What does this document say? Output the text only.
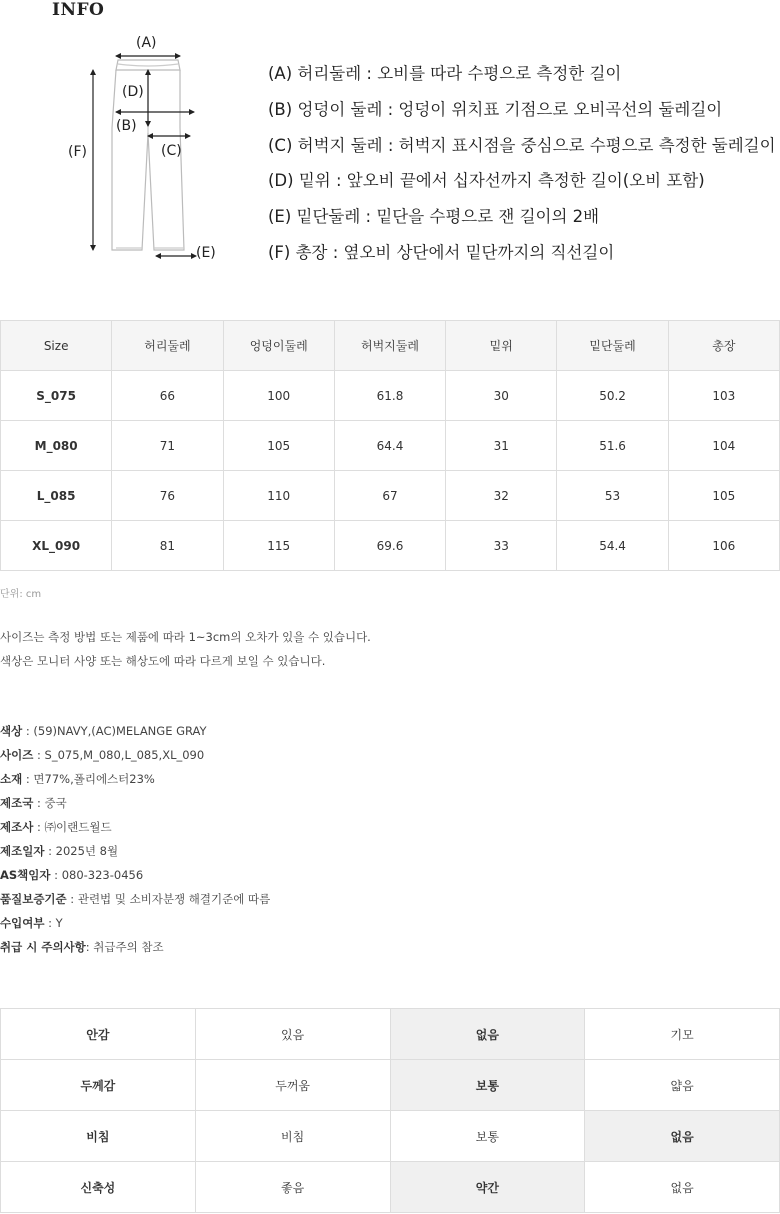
INFO
(F)
(A)
(D)
(B)
(C)
(E)
(A) 허리둘레 : 오비를 따라 수평으로 측정한 길이
(B) 엉덩이 둘레 : 엉덩이 위치표 기점으로 오비곡선의 둘레길이
(C) 허벅지 둘레 : 허벅지 표시점을 중심으로 수평으로 측정한 둘레길이
(D) 밑위 : 앞오비 끝에서 십자선까지 측정한 길이(오비 포함)
(E) 밑단둘레 : 밑단을 수평으로 잰 길이의 2배
(F) 총장 : 옆오비 상단에서 밑단까지의 직선길이
Size	허리둘레	엉덩이둘레	허벅지둘레	밑위	밑단둘레	총장
S_075	66	100	61.8	30	50.2	103
M_080	71	105	64.4	31	51.6	104
L_085	76	110	67	32	53	105
XL_090	81	115	69.6	33	54.4	106
단위: cm
사이즈는 측정 방법 또는 제품에 따라 1~3cm의 오차가 있을 수 있습니다.
색상은 모니터 사양 또는 해상도에 따라 다르게 보일 수 있습니다.
색상 : (59)NAVY,(AC)MELANGE GRAY
사이즈 : S_075,M_080,L_085,XL_090
소재 : 면77%,폴리에스터23%
제조국 : 중국
제조사 : ㈜이랜드월드
제조일자 : 2025년 8월
AS책임자 : 080-323-0456
품질보증기준 : 관련법 및 소비자분쟁 해결기준에 따름
수입여부 : Y
취급 시 주의사항: 취급주의 참조
안감	있음	없음	기모
두께감	두꺼움	보통	얇음
비침	비침	보통	없음
신축성	좋음	약간	없음
